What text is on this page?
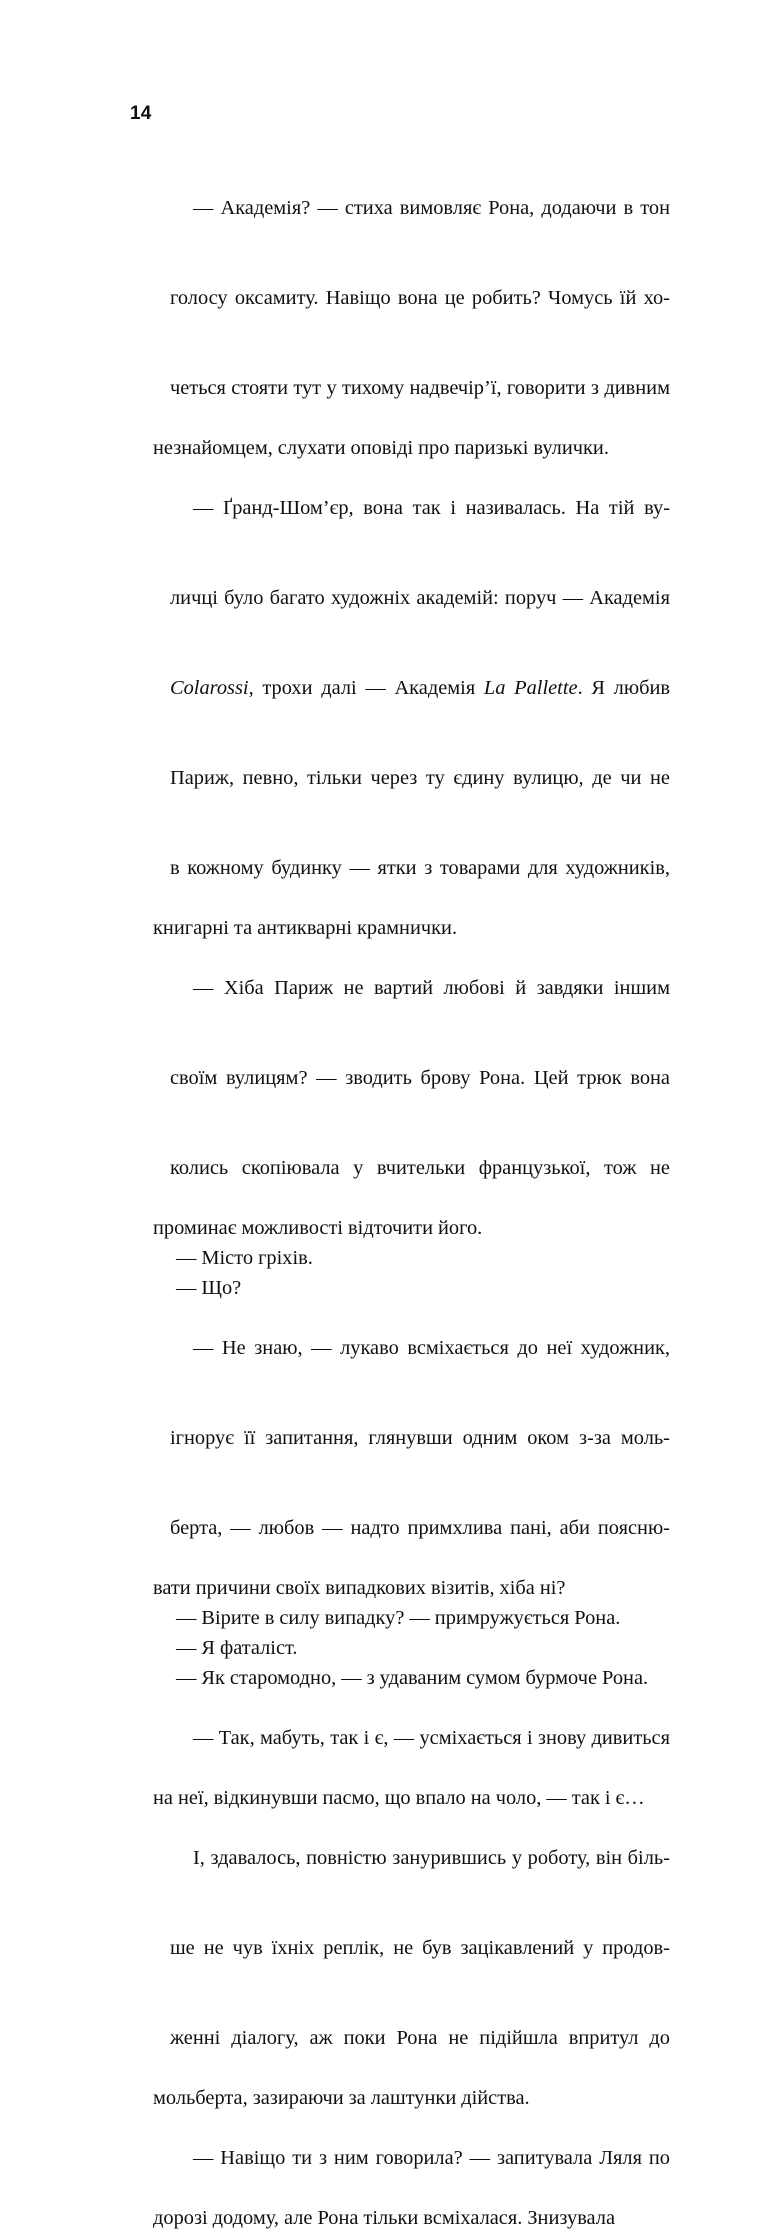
14

— Академія? — стиха вимовляє Рона, додаючи в тон

голосу оксамиту. Навіщо вона це робить? Чомусь їй хо-

четься стояти тут у тихому надвечір’ї, говорити з дивним

незнайомцем, слухати оповіді про паризькі вулички.

— Ґранд-Шом’єр, вона так і називалась. На тій ву-

личці було багато художніх академій: поруч — Академія

Colarossi, трохи далі — Академія La Pallette. Я любив

Париж, певно, тільки через ту єдину вулицю, де чи не

в кожному будинку — ятки з товарами для художників,

книгарні та антикварні крамнички.

— Хіба Париж не вартий любові й завдяки іншим

своїм вулицям? — зводить брову Рона. Цей трюк вона

колись скопіювала у вчительки французької, тож не

проминає можливості відточити його.

— Місто гріхів.

— Що?

— Не знаю, — лукаво всміхається до неї художник,

ігнорує її запитання, глянувши одним оком з-за моль-

берта, — любов — надто примхлива пані, аби поясню-

вати причини своїх випадкових візитів, хіба ні?

— Вірите в силу випадку? — примружується Рона.

— Я фаталіст.

— Як старомодно, — з удаваним сумом бурмоче Рона.

— Так, мабуть, так і є, — усміхається і знову дивиться

на неї, відкинувши пасмо, що впало на чоло, — так і є…

І, здавалось, повністю занурившись у роботу, він біль-

ше не чув їхніх реплік, не був зацікавлений у продов-

женні діалогу, аж поки Рона не підійшла впритул до

мольберта, зазираючи за лаштунки дійства.

— Навіщо ти з ним говорила? — запитувала Ляля по

дорозі додому, але Рона тільки всміхалася. Знизувала
